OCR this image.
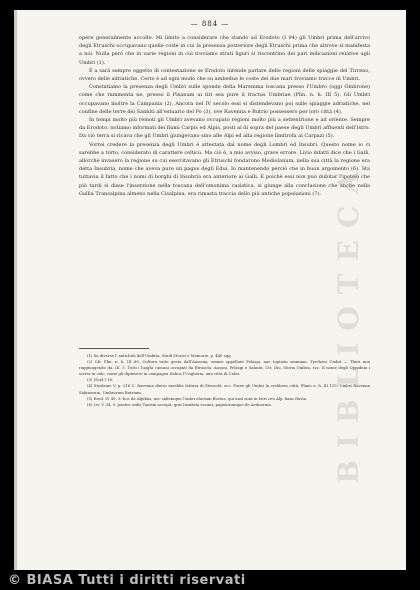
— 884 —

opere generalmente accolte. Mi limito a considerare che stando ad Erodoto (I 94) gli Umbri prima dell'arrivo degli Etruschi occupavano quelle coste in cui la presenza posteriore degli Etruschi prima che altrove si manifesta a noi. Nulla però che in varie regioni in cui troviamo strati liguri si riscontrino dei pari indicazioni relative agli Umbri (1).

È a sarà sempre oggetto di contestazione se Erodoto intende parlare delle regioni delle spiaggie del Tirreno, ovvero delle adriatiche. Certo è ad ogni modo che su ambedue le coste del due mari troviamo tracce di Umbri.

Constatiamo la presenza degli Umbri sulle sponde della Maremma toscana presso l'Umbro (oggi Ombrone) come che rammenta ne, presso il Pisanum ai tiri sea pure il tractus Umbriae (Plin. n. h. III 5). Gli Umbri occupavano inoltre la Campania (2). Ancora nel IV secolo essi si distendevano poi sulle spiaggie adriatiche, nel confine delle terre dei Sanniti all'estuario del Po (3), ove Ravenna e Butrio possessero per loro città (4).

In tempi molto più remoti gli Umbri avevano occupato regioni molto più a settentrione e ad oriente. Sempre da Erodoto, notiamo informati dei fiumi Carpis ed Alpis, posti al di sopra del paese degli Umbri affluenti dell'Istro. Da ciò terra si ricava che gli Umbri giungevano sino alle Alpi ed alla regione limitrofa ai Carpazi (5).

Vorrei credere la presenza degli Umbri è attestata dal nome degli Lombri ed Insubri. Questo nome io ci sarebbe a torto, considerato di carattere celtico. Ma ciò è, a mio avviso, grave errore. Livio infatti dice che i Galli, allorchè invasero la regione su cui esercitavano gli Etruschi fondarono Mediolanum, nella sua città la regione era detta Insubria, nome che aveva pure un pagus degli Edui. Io mantenendo perciò che in buon argomento (6). Sta tuttavia il fatto che i nomi di borghi di Insubria era anteriore ai Galli. E poichè essi non può dubitar l'ipotesi che più tardi si disse l'inserzione nella toscana dell'omonima casistica, si giunge alla conclusione che anche nella Gallia Transalpina almeno nella Cisalpina, era rimasta traccia dello più antiche popolazioni (7).

(1) Su diverse l' antichità dell'Umbria, Studi Storici e Memorie, p. 440 sgg.

(2) Cfr. Plin. n. h. III 60: Cultura tutte gesta dall'Ausonia; omnes appellant Pelasgi, nae tuptizin ommiani, Tyrrheni Umbri — Thuri non raggiungendo da, III. 5. Tutti i luoghi comuni occupati da Etruschi, Ausoni, Pelasgi e Sanniti. Ctr. Dio. Storia Umbra, ecc. Il nome degli Oppidum i scriva in calo, come gli dipinsero in campagna Italica l'Ungheria, una città di Cales.

(3) [Scyl.] 16.

(4) Strabone V, p. 216 C. Ravenna dietro sarebbe fattura di Etruschi, ecc. Forse gli Umbri la crebbero città. Plinio n. h. III 115: Umbri Ravenna Sabinorum, Umbrorum Butrium.

(5) Erod. IV 49, 3: hoc de Alpibus, nec saltemque Umbri elucium fluvius, qui ausi sunt in Istri ceu Alp. hanc fluvia.

(6) Liv. V 34, 9: pontes sedis Taurini accepit, quis Insubria vocant, pagatorumque de Aeduorum.	BIBLIOTECA
© BIASA Tutti i diritti riservati
